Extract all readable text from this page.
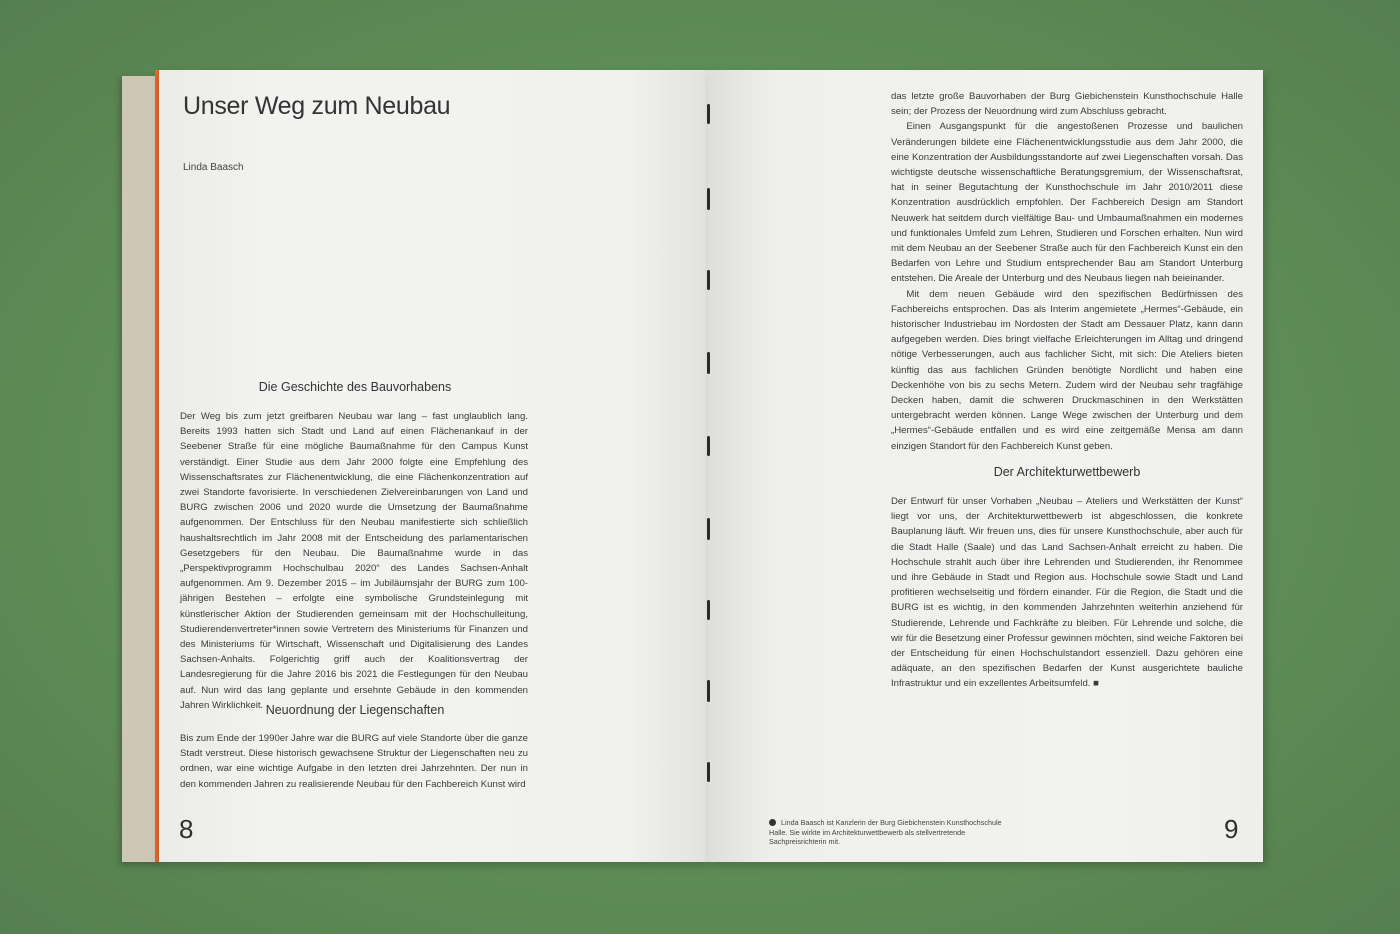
Unser Weg zum Neubau
Linda Baasch
Die Geschichte des Bauvorhabens

Der Weg bis zum jetzt greifbaren Neubau war lang – fast unglaublich lang. Bereits 1993 hatten sich Stadt und Land auf einen Flächenankauf in der Seebener Straße für eine mögliche Baumaßnahme für den Campus Kunst verständigt. Einer Studie aus dem Jahr 2000 folgte eine Empfehlung des Wissenschaftsrates zur Flächenentwicklung, die eine Flächenkonzentration auf zwei Standorte favorisierte. In verschiedenen Zielvereinbarungen von Land und BURG zwischen 2006 und 2020 wurde die Umsetzung der Baumaßnahme aufgenommen. Der Entschluss für den Neubau manifestierte sich schließlich haushaltsrechtlich im Jahr 2008 mit der Entscheidung des parlamentarischen Gesetzgebers für den Neubau. Die Baumaßnahme wurde in das „Perspektivprogramm Hochschulbau 2020“ des Landes Sachsen-Anhalt aufgenommen. Am 9. Dezember 2015 – im Jubiläumsjahr der BURG zum 100-jährigen Bestehen – erfolgte eine symbolische Grundsteinlegung mit künstlerischer Aktion der Studierenden gemeinsam mit der Hochschulleitung, Studierendenvertreter*innen sowie Vertretern des Ministeriums für Finanzen und des Ministeriums für Wirtschaft, Wissenschaft und Digitalisierung des Landes Sachsen-Anhalts. Folgerichtig griff auch der Koalitionsvertrag der Landesregierung für die Jahre 2016 bis 2021 die Festlegungen für den Neubau auf. Nun wird das lang geplante und ersehnte Gebäude in den kommenden Jahren Wirklichkeit. Neuordnung der Liegenschaften

Bis zum Ende der 1990er Jahre war die BURG auf viele Standorte über die ganze Stadt verstreut. Diese historisch gewachsene Struktur der Liegenschaften neu zu ordnen, war eine wichtige Aufgabe in den letzten drei Jahrzehnten. Der nun in den kommenden Jahren zu realisierende Neubau für den Fachbereich Kunst wird

8

das letzte große Bauvorhaben der Burg Giebichenstein Kunsthochschule Halle sein; der Prozess der Neuordnung wird zum Abschluss gebracht.

Einen Ausgangspunkt für die angestoßenen Prozesse und baulichen Veränderungen bildete eine Flächenentwicklungsstudie aus dem Jahr 2000, die eine Konzentration der Ausbildungsstandorte auf zwei Liegenschaften vorsah. Das wichtigste deutsche wissenschaftliche Beratungsgremium, der Wissenschaftsrat, hat in seiner Begutachtung der Kunsthochschule im Jahr 2010/2011 diese Konzentration ausdrücklich empfohlen. Der Fachbereich Design am Standort Neuwerk hat seitdem durch vielfältige Bau- und Umbaumaßnahmen ein modernes und funktionales Umfeld zum Lehren, Studieren und Forschen erhalten. Nun wird mit dem Neubau an der Seebener Straße auch für den Fachbereich Kunst ein den Bedarfen von Lehre und Studium entsprechender Bau am Standort Unterburg entstehen. Die Areale der Unterburg und des Neubaus liegen nah beieinander.

Mit dem neuen Gebäude wird den spezifischen Bedürfnissen des Fachbereichs entsprochen. Das als Interim angemietete „Hermes“-Gebäude, ein historischer Industriebau im Nordosten der Stadt am Dessauer Platz, kann dann aufgegeben werden. Dies bringt vielfache Erleichterungen im Alltag und dringend nötige Verbesserungen, auch aus fachlicher Sicht, mit sich: Die Ateliers bieten künftig das aus fachlichen Gründen benötigte Nordlicht und haben eine Deckenhöhe von bis zu sechs Metern. Zudem wird der Neubau sehr tragfähige Decken haben, damit die schweren Druckmaschinen in den Werkstätten untergebracht werden können. Lange Wege zwischen der Unterburg und dem „Hermes“-Gebäude entfallen und es wird eine zeitgemäße Mensa am dann einzigen Standort für den Fachbereich Kunst geben.

Der Architekturwettbewerb

Der Entwurf für unser Vorhaben „Neubau – Ateliers und Werkstätten der Kunst“ liegt vor uns, der Architekturwettbewerb ist abgeschlossen, die konkrete Bauplanung läuft. Wir freuen uns, dies für unsere Kunsthochschule, aber auch für die Stadt Halle (Saale) und das Land Sachsen-Anhalt erreicht zu haben. Die Hochschule strahlt auch über ihre Lehrenden und Studierenden, ihr Renommee und ihre Gebäude in Stadt und Region aus. Hochschule sowie Stadt und Land profitieren wechselseitig und fördern einander. Für die Region, die Stadt und die BURG ist es wichtig, in den kommenden Jahrzehnten weiterhin anziehend für Studierende, Lehrende und Fachkräfte zu bleiben. Für Lehrende und solche, die wir für die Besetzung einer Professur gewinnen möchten, sind weiche Faktoren bei der Entscheidung für einen Hochschulstandort essenziell. Dazu gehören eine adäquate, an den spezifischen Bedarfen der Kunst ausgerichtete bauliche Infrastruktur und ein exzellentes Arbeitsumfeld. ■

Linda Baasch ist Kanzlerin der Burg Giebichenstein Kunsthochschule Halle. Sie wirkte im Architekturwettbewerb als stellvertretende Sachpreisrichterin mit.	9
